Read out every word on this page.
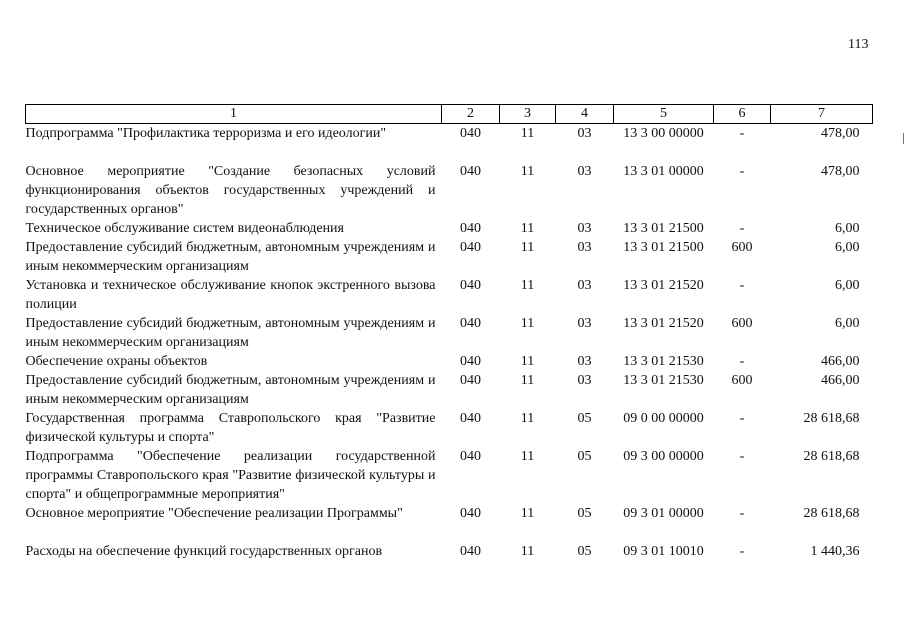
113
1	2	3	4	5	6	7
Подпрограмма "Профилактика терроризма и его идеологии"	040	11	03	13 3 00 00000	-	478,00
Основное мероприятие "Создание безопасных условий функционирования объектов государственных учреждений и государственных органов"	040	11	03	13 3 01 00000	-	478,00
Техническое обслуживание систем видеонаблюдения	040	11	03	13 3 01 21500	-	6,00
Предоставление субсидий бюджетным, автономным учреждениям и иным некоммерческим организациям	040	11	03	13 3 01 21500	600	6,00
Установка и техническое обслуживание кнопок экстренного вызова полиции	040	11	03	13 3 01 21520	-	6,00
Предоставление субсидий бюджетным, автономным учреждениям и иным некоммерческим организациям	040	11	03	13 3 01 21520	600	6,00
Обеспечение охраны объектов	040	11	03	13 3 01 21530	-	466,00
Предоставление субсидий бюджетным, автономным учреждениям и иным некоммерческим организациям	040	11	03	13 3 01 21530	600	466,00
Государственная программа Ставропольского края "Развитие физической культуры и спорта"	040	11	05	09 0 00 00000	-	28 618,68
Подпрограмма "Обеспечение реализации государственной программы Ставропольского края "Развитие физической культуры и спорта" и общепрограммные мероприятия"	040	11	05	09 3 00 00000	-	28 618,68
Основное мероприятие "Обеспечение реализации Программы"	040	11	05	09 3 01 00000	-	28 618,68
Расходы на обеспечение функций государственных органов	040	11	05	09 3 01 10010	-	1 440,36
